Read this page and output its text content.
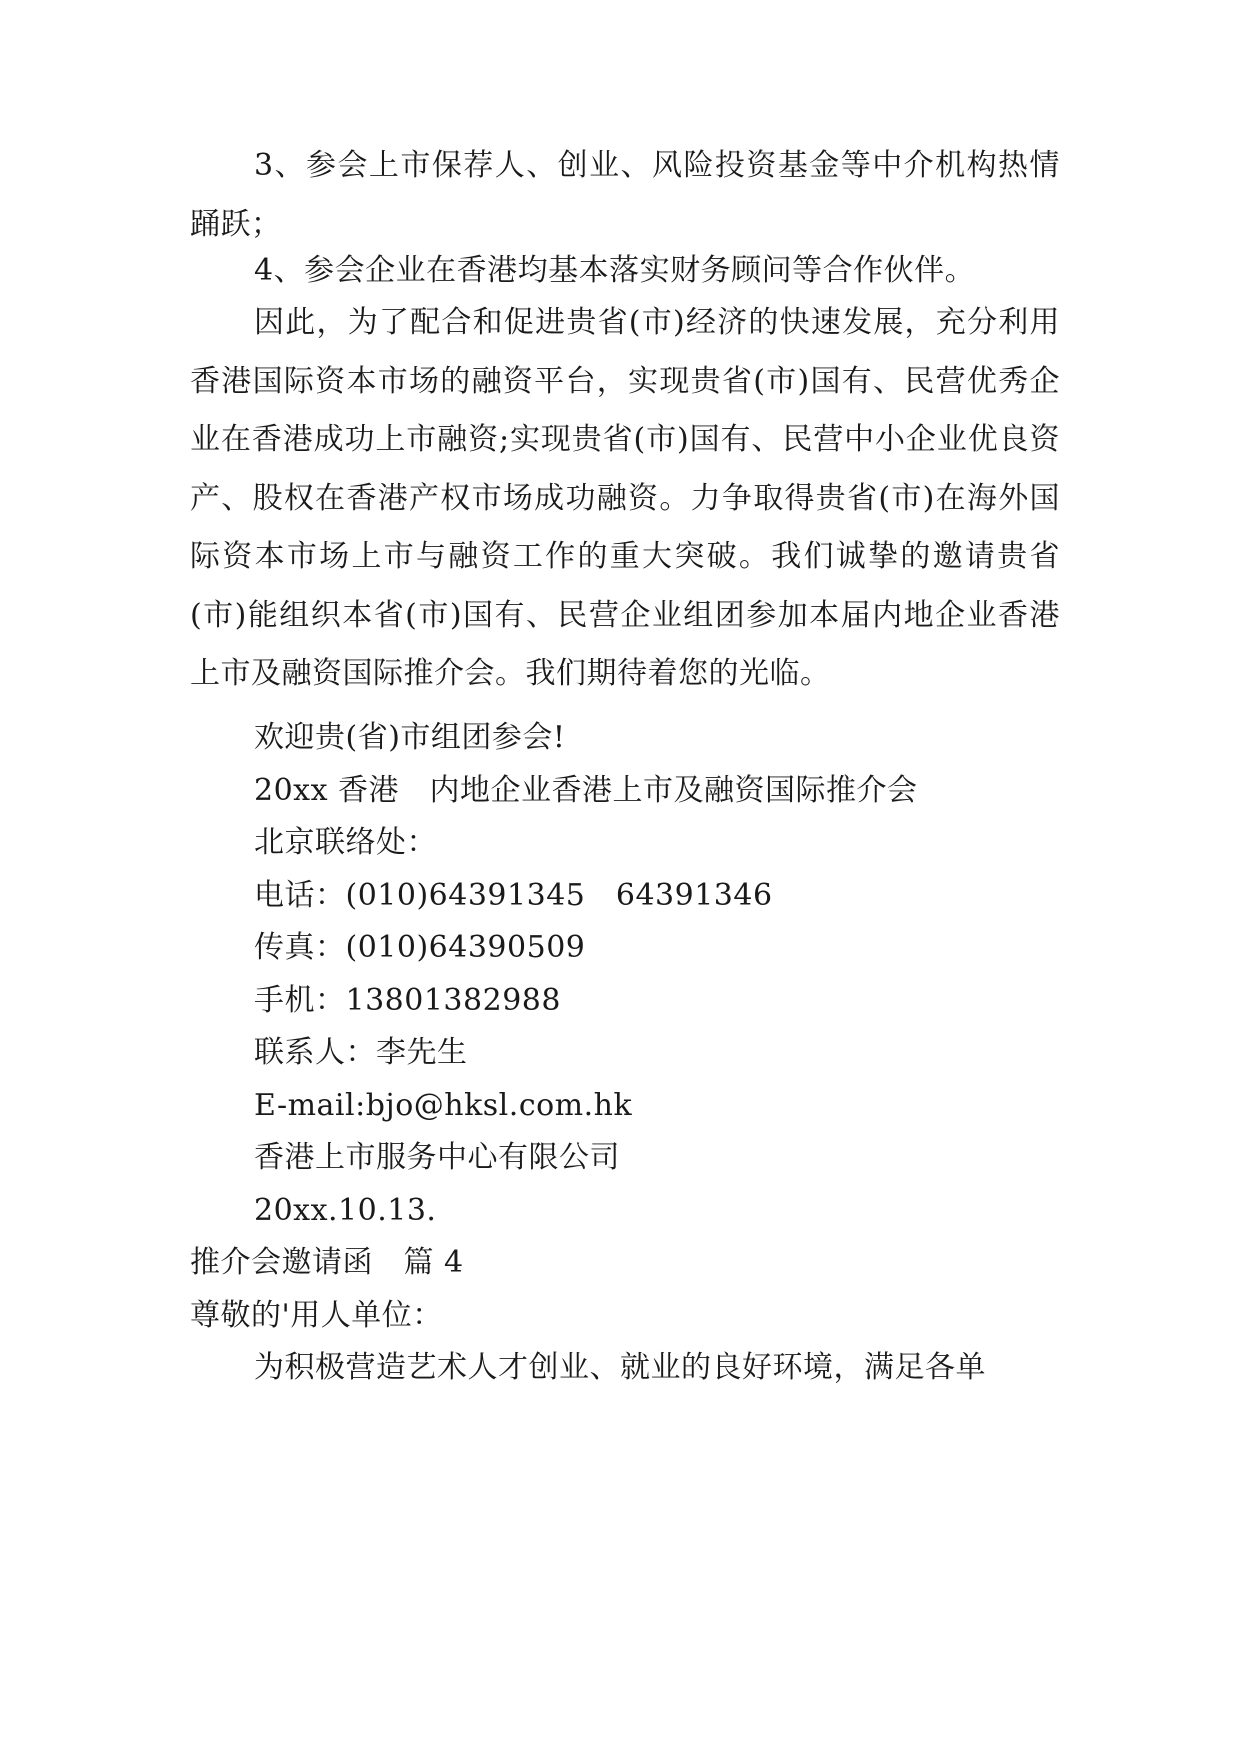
3、参会上市保荐人、创业、风险投资基金等中介机构热情踊跃；

4、参会企业在香港均基本落实财务顾问等合作伙伴。

因此，为了配合和促进贵省(市)经济的快速发展，充分利用香港国际资本市场的融资平台，实现贵省(市)国有、民营优秀企业在香港成功上市融资;实现贵省(市)国有、民营中小企业优良资产、股权在香港产权市场成功融资。力争取得贵省(市)在海外国际资本市场上市与融资工作的重大突破。我们诚挚的邀请贵省(市)能组织本省(市)国有、民营企业组团参加本届内地企业香港上市及融资国际推介会。我们期待着您的光临。

欢迎贵(省)市组团参会!

20xx 香港　内地企业香港上市及融资国际推介会

北京联络处：

电话：(010)64391345　64391346

传真：(010)64390509

手机：13801382988

联系人：李先生

E-mail:bjo@hksl.com.hk

香港上市服务中心有限公司

20xx.10.13.

推介会邀请函　篇 4

尊敬的'用人单位：

为积极营造艺术人才创业、就业的良好环境，满足各单
